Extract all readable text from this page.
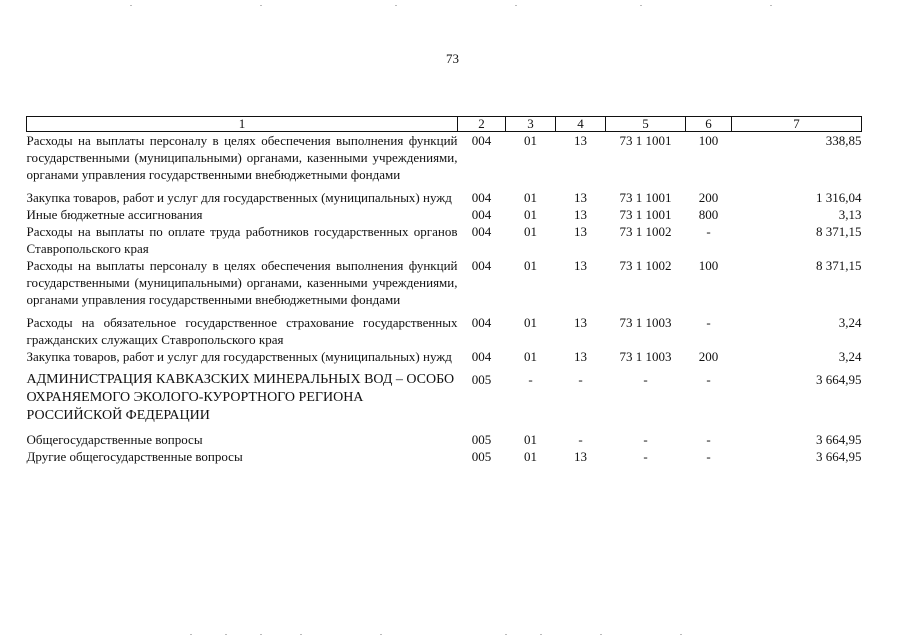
73
1	2	3	4	5	6	7
Расходы на выплаты персоналу в целях обеспечения выполнения функций государственными (муниципальными) органами, казенными учреждениями, органами управления государственными внебюджетными фондами	004	01	13	73 1 1001	100	338,85
Закупка товаров, работ и услуг для государственных (муниципальных) нужд	004	01	13	73 1 1001	200	1 316,04
Иные бюджетные ассигнования	004	01	13	73 1 1001	800	3,13
Расходы на выплаты по оплате труда работников государственных органов Ставропольского края	004	01	13	73 1 1002	-	8 371,15
Расходы на выплаты персоналу в целях обеспечения выполнения функций государственными (муниципальными) органами, казенными учреждениями, органами управления государственными внебюджетными фондами	004	01	13	73 1 1002	100	8 371,15
Расходы на обязательное государственное страхование государственных гражданских служащих Ставропольского края	004	01	13	73 1 1003	-	3,24
Закупка товаров, работ и услуг для государственных (муниципальных) нужд	004	01	13	73 1 1003	200	3,24
АДМИНИСТРАЦИЯ КАВКАЗСКИХ МИНЕРАЛЬНЫХ ВОД – ОСОБО ОХРАНЯЕМОГО ЭКОЛОГО-КУРОРТНОГО РЕГИОНА РОССИЙСКОЙ ФЕДЕРАЦИИ	005	-	-	-	-	3 664,95
Общегосударственные вопросы	005	01	-	-	-	3 664,95
Другие общегосударственные вопросы	005	01	13	-	-	3 664,95
